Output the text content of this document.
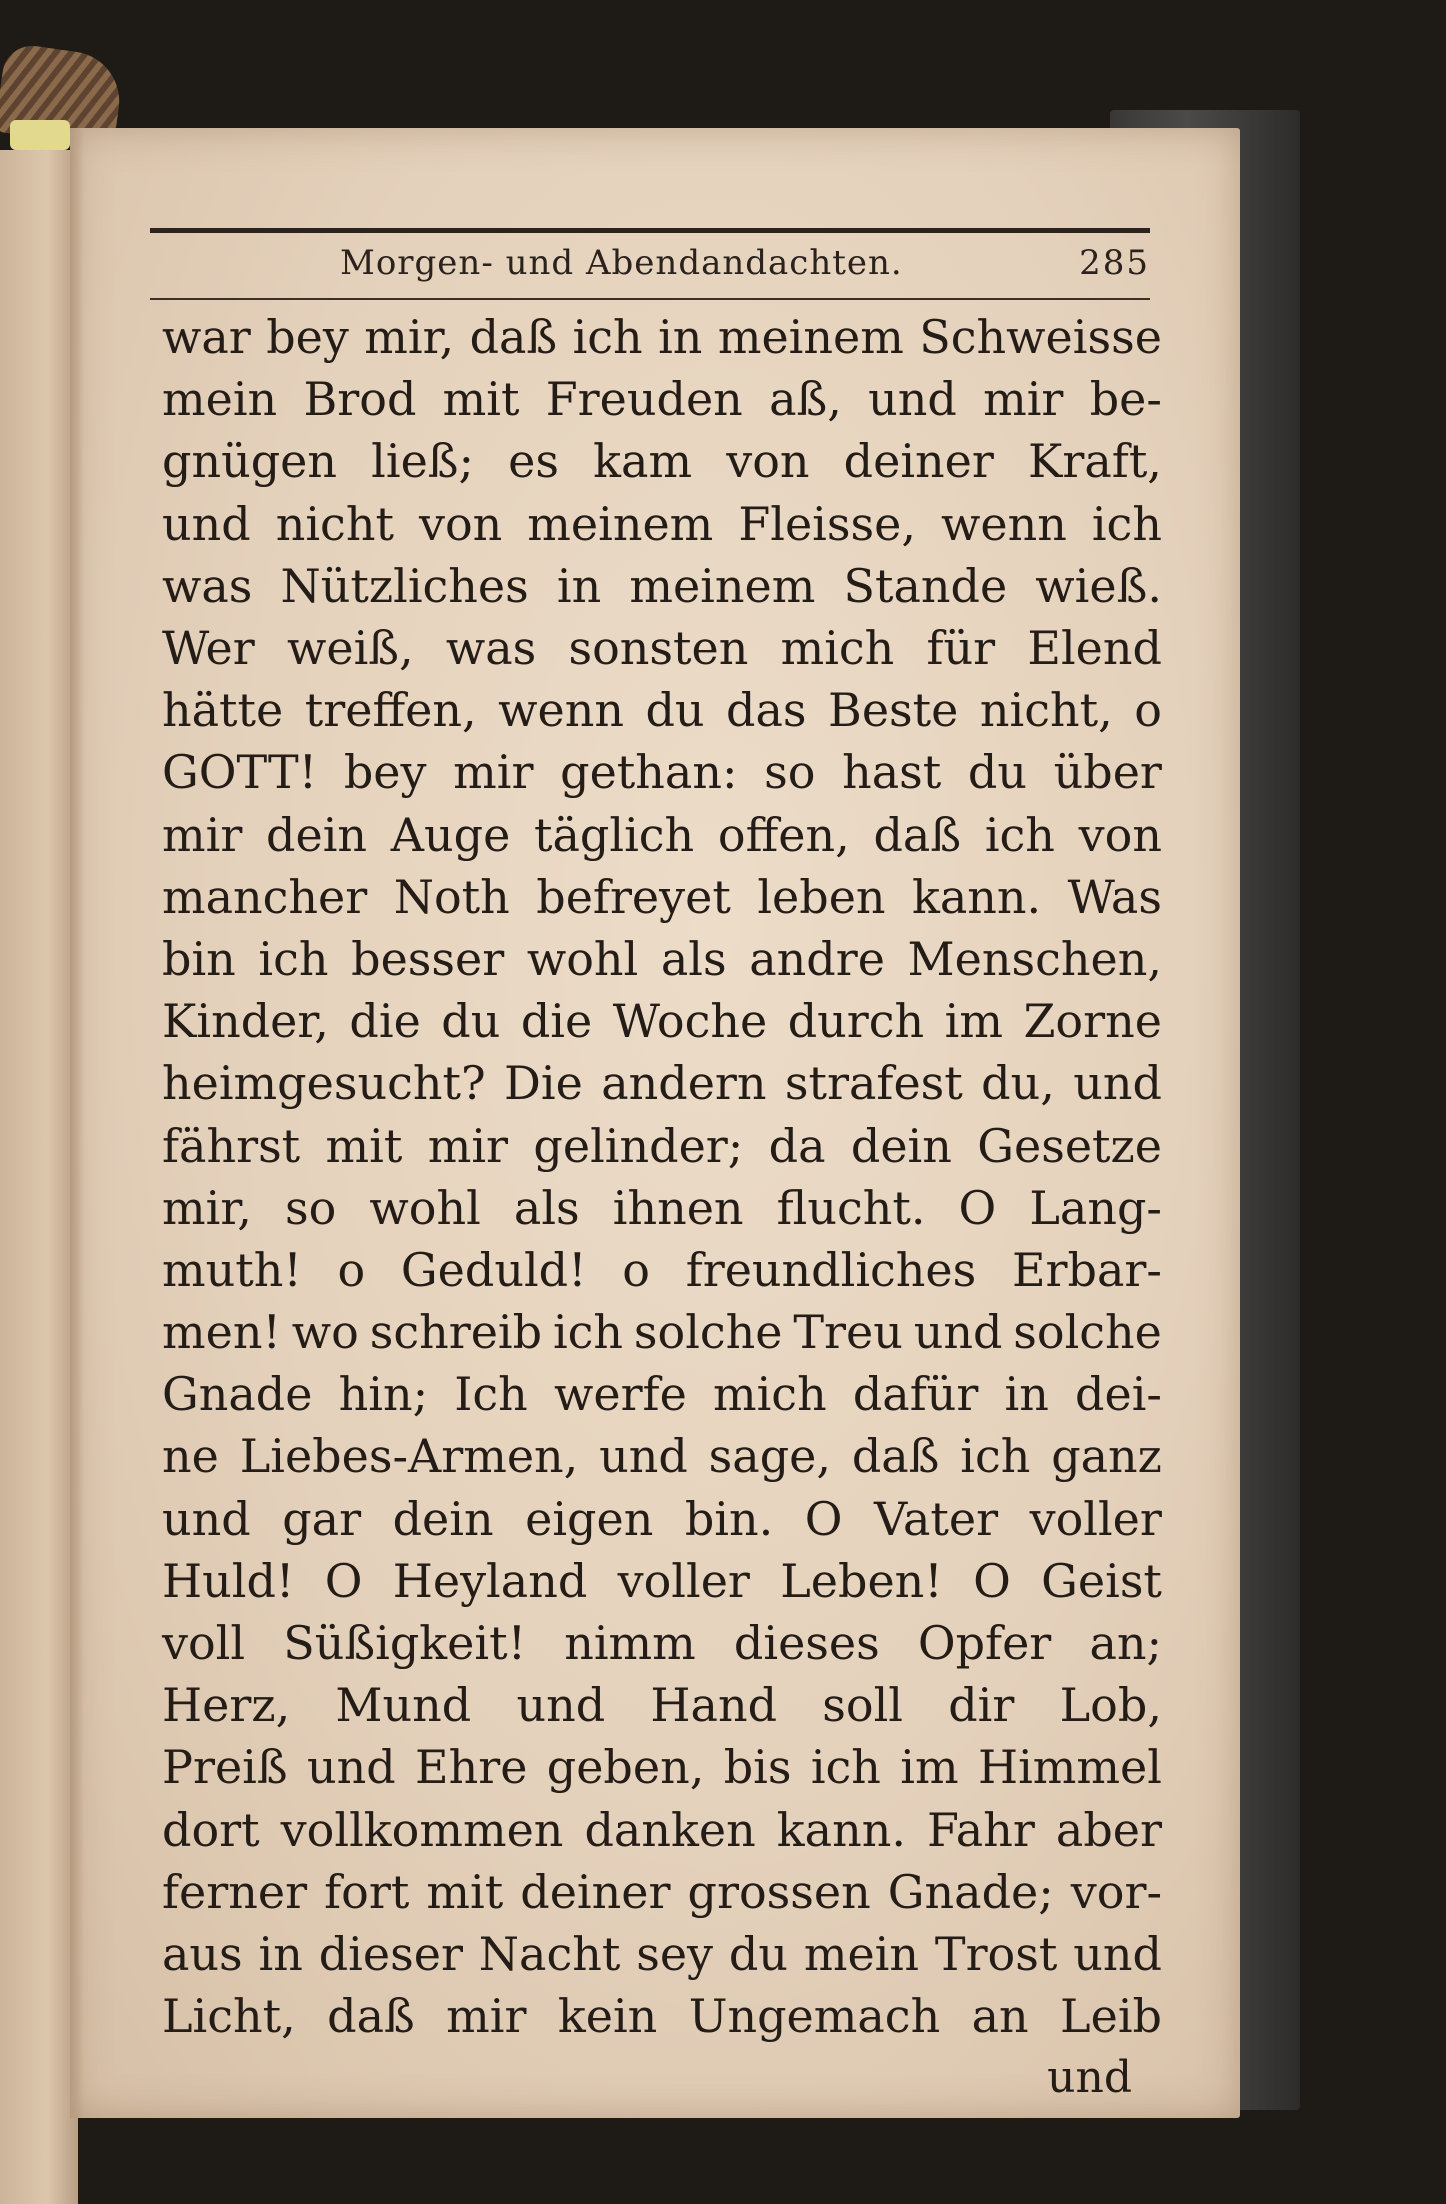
Morgen- und Abendandachten.	285
war bey mir, daß ich in meinem Schweisse
mein Brod mit Freuden aß, und mir be-
gnügen ließ; es kam von deiner Kraft,
und nicht von meinem Fleisse, wenn ich
was Nützliches in meinem Stande wieß.
Wer weiß, was sonsten mich für Elend
hätte treffen, wenn du das Beste nicht, o
GOTT! bey mir gethan: so hast du über
mir dein Auge täglich offen, daß ich von
mancher Noth befreyet leben kann. Was
bin ich besser wohl als andre Menschen,
Kinder, die du die Woche durch im Zorne
heimgesucht? Die andern strafest du, und
fährst mit mir gelinder; da dein Gesetze
mir, so wohl als ihnen flucht. O Lang-
muth! o Geduld! o freundliches Erbar-
men! wo schreib ich solche Treu und solche
Gnade hin; Ich werfe mich dafür in dei-
ne Liebes-Armen, und sage, daß ich ganz
und gar dein eigen bin. O Vater voller
Huld! O Heyland voller Leben! O Geist
voll Süßigkeit! nimm dieses Opfer an;
Herz, Mund und Hand soll dir Lob,
Preiß und Ehre geben, bis ich im Himmel
dort vollkommen danken kann. Fahr aber
ferner fort mit deiner grossen Gnade; vor-
aus in dieser Nacht sey du mein Trost und
Licht, daß mir kein Ungemach an Leib
und
